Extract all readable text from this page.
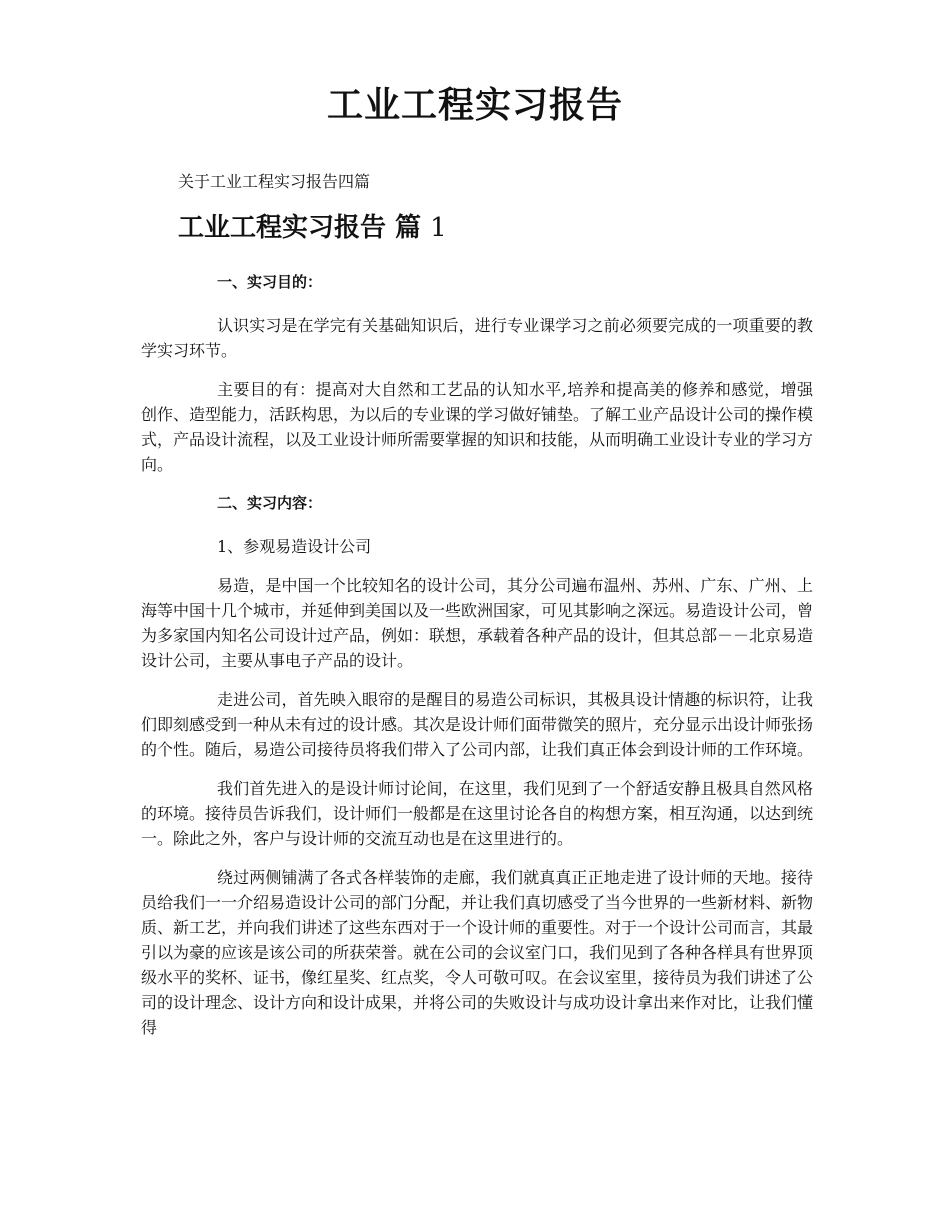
工业工程实习报告
关于工业工程实习报告四篇
工业工程实习报告 篇 1

一、实习目的：

认识实习是在学完有关基础知识后，进行专业课学习之前必须要完成的一项重要的教学实习环节。

主要目的有：提高对大自然和工艺品的认知水平,培养和提高美的修养和感觉，增强创作、造型能力，活跃构思，为以后的专业课的学习做好铺垫。了解工业产品设计公司的操作模式，产品设计流程，以及工业设计师所需要掌握的知识和技能，从而明确工业设计专业的学习方向。

二、实习内容：

1、参观易造设计公司

易造，是中国一个比较知名的设计公司，其分公司遍布温州、苏州、广东、广州、上海等中国十几个城市，并延伸到美国以及一些欧洲国家，可见其影响之深远。易造设计公司，曾为多家国内知名公司设计过产品，例如：联想，承载着各种产品的设计，但其总部－－北京易造设计公司，主要从事电子产品的设计。

走进公司，首先映入眼帘的是醒目的易造公司标识，其极具设计情趣的标识符，让我们即刻感受到一种从未有过的设计感。其次是设计师们面带微笑的照片，充分显示出设计师张扬的个性。随后，易造公司接待员将我们带入了公司内部，让我们真正体会到设计师的工作环境。

我们首先进入的是设计师讨论间，在这里，我们见到了一个舒适安静且极具自然风格的环境。接待员告诉我们，设计师们一般都是在这里讨论各自的构想方案，相互沟通，以达到统一。除此之外，客户与设计师的交流互动也是在这里进行的。

绕过两侧铺满了各式各样装饰的走廊，我们就真真正正地走进了设计师的天地。接待员给我们一一介绍易造设计公司的部门分配，并让我们真切感受了当今世界的一些新材料、新物质、新工艺，并向我们讲述了这些东西对于一个设计师的重要性。对于一个设计公司而言，其最引以为豪的应该是该公司的所获荣誉。就在公司的会议室门口，我们见到了各种各样具有世界顶级水平的奖杯、证书，像红星奖、红点奖，令人可敬可叹。在会议室里，接待员为我们讲述了公司的设计理念、设计方向和设计成果，并将公司的失败设计与成功设计拿出来作对比，让我们懂得
